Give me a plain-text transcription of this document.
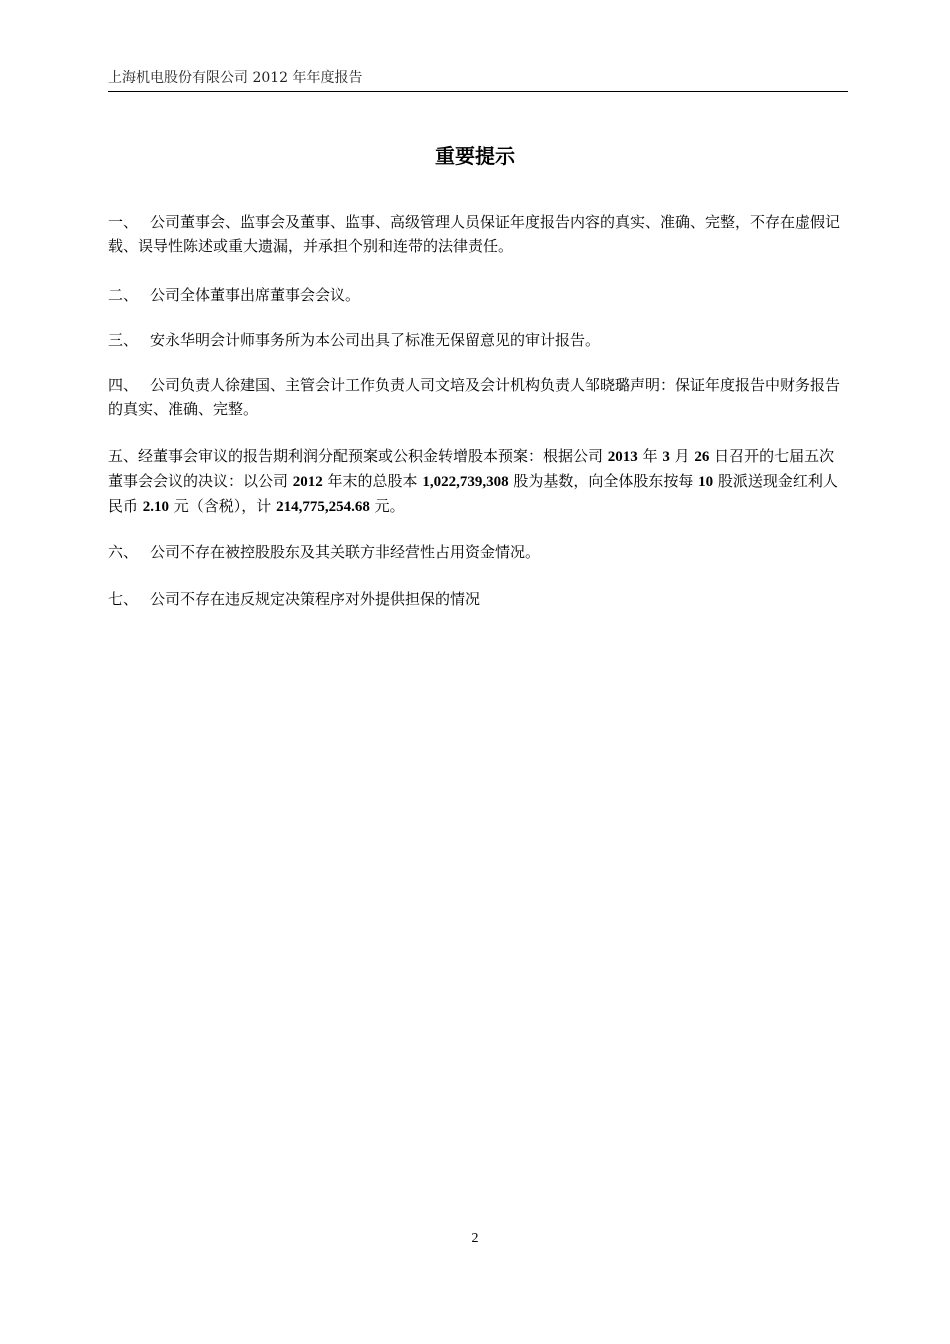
上海机电股份有限公司 2012 年年度报告
重要提示
一、 公司董事会、监事会及董事、监事、高级管理人员保证年度报告内容的真实、准确、完整，不存在虚假记载、误导性陈述或重大遗漏，并承担个别和连带的法律责任。
二、 公司全体董事出席董事会会议。
三、 安永华明会计师事务所为本公司出具了标准无保留意见的审计报告。
四、 公司负责人徐建国、主管会计工作负责人司文培及会计机构负责人邹晓璐声明：保证年度报告中财务报告的真实、准确、完整。
五、经董事会审议的报告期利润分配预案或公积金转增股本预案：根据公司 2013 年 3 月 26 日召开的七届五次董事会会议的决议：以公司 2012 年末的总股本 1,022,739,308 股为基数，向全体股东按每 10 股派送现金红利人民币 2.10 元（含税），计 214,775,254.68 元。
六、 公司不存在被控股股东及其关联方非经营性占用资金情况。
七、 公司不存在违反规定决策程序对外提供担保的情况
2
